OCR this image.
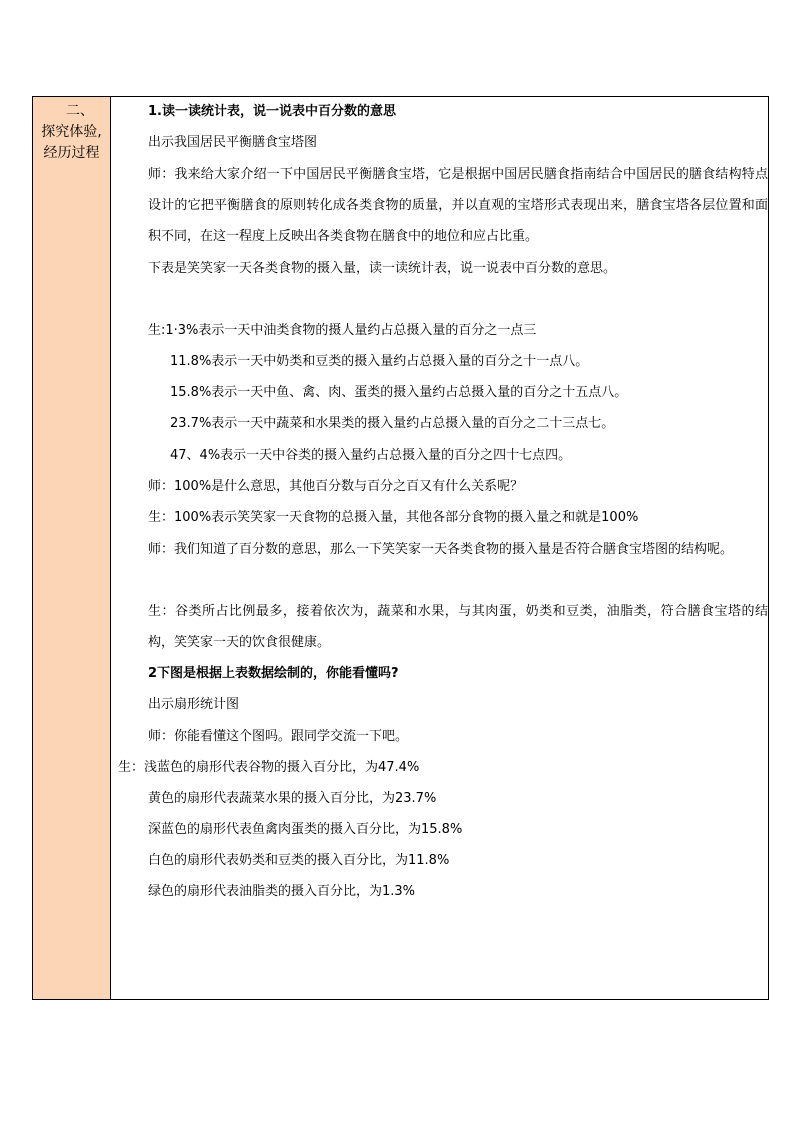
二、
探究体验,
经历过程
1.读一读统计表，说一说表中百分数的意思
出示我国居民平衡膳食宝塔图
师：我来给大家介绍一下中国居民平衡膳食宝塔，它是根据中国居民膳食指南结合中国居民的膳食结构特点设计的它把平衡膳食的原则转化成各类食物的质量，并以直观的宝塔形式表现出来，膳食宝塔各层位置和面积不同，在这一程度上反映出各类食物在膳食中的地位和应占比重。
下表是笑笑家一天各类食物的摄入量，读一读统计表，说一说表中百分数的意思。
生:1·3%表示一天中油类食物的摄人量约占总摄入量的百分之一点三
11.8%表示一天中奶类和豆类的摄入量约占总摄入量的百分之十一点八。
15.8%表示一天中鱼、禽、肉、蛋类的摄入量约占总摄入量的百分之十五点八。
23.7%表示一天中蔬菜和水果类的摄入量约占总摄入量的百分之二十三点七。
47、4%表示一天中谷类的摄入量约占总摄入量的百分之四十七点四。
师：100%是什么意思，其他百分数与百分之百又有什么关系呢？
生：100%表示笑笑家一天食物的总摄入量，其他各部分食物的摄入量之和就是100%
师：我们知道了百分数的意思，那么一下笑笑家一天各类食物的摄入量是否符合膳食宝塔图的结构呢。
生：谷类所占比例最多，接着依次为，蔬菜和水果，与其肉蛋，奶类和豆类，油脂类，符合膳食宝塔的结构，笑笑家一天的饮食很健康。
2下图是根据上表数据绘制的，你能看懂吗?
出示扇形统计图
师：你能看懂这个图吗。跟同学交流一下吧。
生：浅蓝色的扇形代表谷物的摄入百分比，为47.4%
黄色的扇形代表蔬菜水果的摄入百分比，为23.7%
深蓝色的扇形代表鱼禽肉蛋类的摄入百分比，为15.8%
白色的扇形代表奶类和豆类的摄入百分比，为11.8%
绿色的扇形代表油脂类的摄入百分比，为1.3%
